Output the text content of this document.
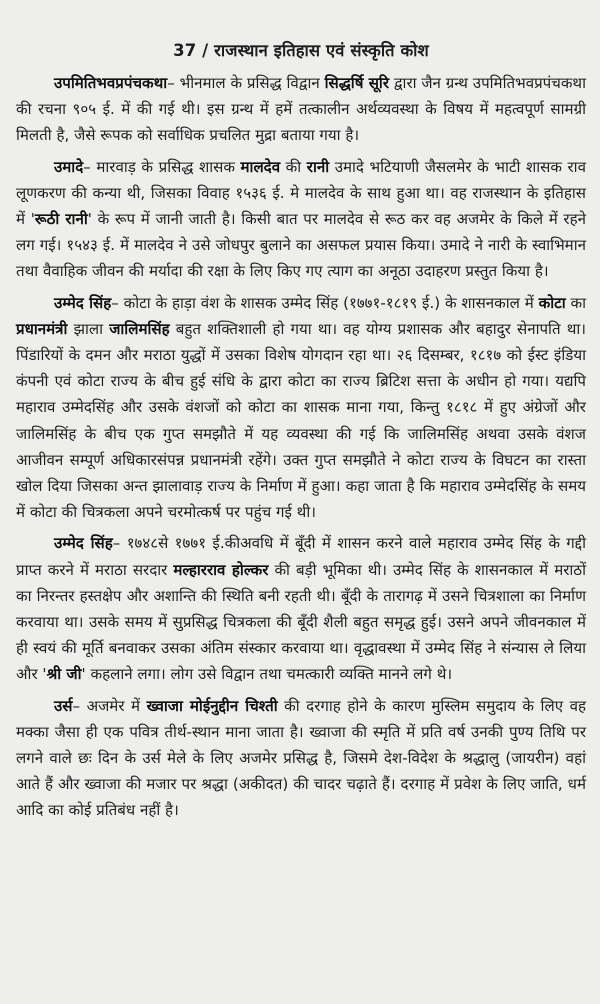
37 / राजस्थान इतिहास एवं संस्कृति कोश

उपमितिभवप्रपंचकथा– भीनमाल के प्रसिद्ध विद्वान सिद्धर्षि सूरि द्वारा जैन ग्रन्थ उपमितिभवप्रपंचकथा की रचना ९०५ ई. में की गई थी। इस ग्रन्थ में हमें तत्कालीन अर्थव्यवस्था के विषय में महत्वपूर्ण सामग्री मिलती है, जैसे रूपक को सर्वाधिक प्रचलित मुद्रा बताया गया है।

उमादे– मारवाड़ के प्रसिद्ध शासक मालदेव की रानी उमादे भटियाणी जैसलमेर के भाटी शासक राव लूणकरण की कन्या थी, जिसका विवाह १५३६ ई. मे मालदेव के साथ हुआ था। वह राजस्थान के इतिहास में 'रूठी रानी' के रूप में जानी जाती है। किसी बात पर मालदेव से रूठ कर वह अजमेर के किले में रहने लग गई। १५४३ ई. में मालदेव ने उसे जोधपुर बुलाने का असफल प्रयास किया। उमादे ने नारी के स्वाभिमान तथा वैवाहिक जीवन की मर्यादा की रक्षा के लिए किए गए त्याग का अनूठा उदाहरण प्रस्तुत किया है।

उम्मेद सिंह– कोटा के हाड़ा वंश के शासक उम्मेद सिंह (१७७१-१८१९ ई.) के शासनकाल में कोटा का प्रधानमंत्री झाला जालिमसिंह बहुत शक्तिशाली हो गया था। वह योग्य प्रशासक और बहादुर सेनापति था। पिंडारियों के दमन और मराठा युद्धों में उसका विशेष योगदान रहा था। २६ दिसम्बर, १८१७ को ईस्ट इंडिया कंपनी एवं कोटा राज्य के बीच हुई संधि के द्वारा कोटा का राज्य ब्रिटिश सत्ता के अधीन हो गया। यद्यपि महाराव उम्मेदसिंह और उसके वंशजों को कोटा का शासक माना गया, किन्तु १८१८ में हुए अंग्रेजों और जालिमसिंह के बीच एक गुप्त समझौते में यह व्यवस्था की गई कि जालिमसिंह अथवा उसके वंशज आजीवन सम्पूर्ण अधिकारसंपन्न प्रधानमंत्री रहेंगे। उक्त गुप्त समझौते ने कोटा राज्य के विघटन का रास्ता खोल दिया जिसका अन्त झालावाड़ राज्य के निर्माण में हुआ। कहा जाता है कि महाराव उम्मेदसिंह के समय में कोटा की चित्रकला अपने चरमोत्कर्ष पर पहुंच गई थी।

उम्मेद सिंह– १७४८से १७७१ ई.कीअवधि में बूँदी में शासन करने वाले महाराव उम्मेद सिंह के गद्दी प्राप्त करने में मराठा सरदार मल्हारराव होल्कर की बड़ी भूमिका थी। उम्मेद सिंह के शासनकाल में मराठों का निरन्तर हस्तक्षेप और अशान्ति की स्थिति बनी रहती थी। बूँदी के तारागढ़ में उसने चित्रशाला का निर्माण करवाया था। उसके समय में सुप्रसिद्ध चित्रकला की बूँदी शैली बहुत समृद्ध हुई। उसने अपने जीवनकाल में ही स्वयं की मूर्ति बनवाकर उसका अंतिम संस्कार करवाया था। वृद्धावस्था में उम्मेद सिंह ने संन्यास ले लिया और 'श्री जी' कहलाने लगा। लोग उसे विद्वान तथा चमत्कारी व्यक्ति मानने लगे थे।

उर्स– अजमेर में ख्वाजा मोईनुद्दीन चिश्ती की दरगाह होने के कारण मुस्लिम समुदाय के लिए वह मक्का जैसा ही एक पवित्र तीर्थ-स्थान माना जाता है। ख्वाजा की स्मृति में प्रति वर्ष उनकी पुण्य तिथि पर लगने वाले छः दिन के उर्स मेले के लिए अजमेर प्रसिद्ध है, जिसमे देश-विदेश के श्रद्धालु (जायरीन) वहां आते हैं और ख्वाजा की मजार पर श्रद्धा (अकीदत) की चादर चढ़ाते हैं। दरगाह में प्रवेश के लिए जाति, धर्म आदि का कोई प्रतिबंध नहीं है।
